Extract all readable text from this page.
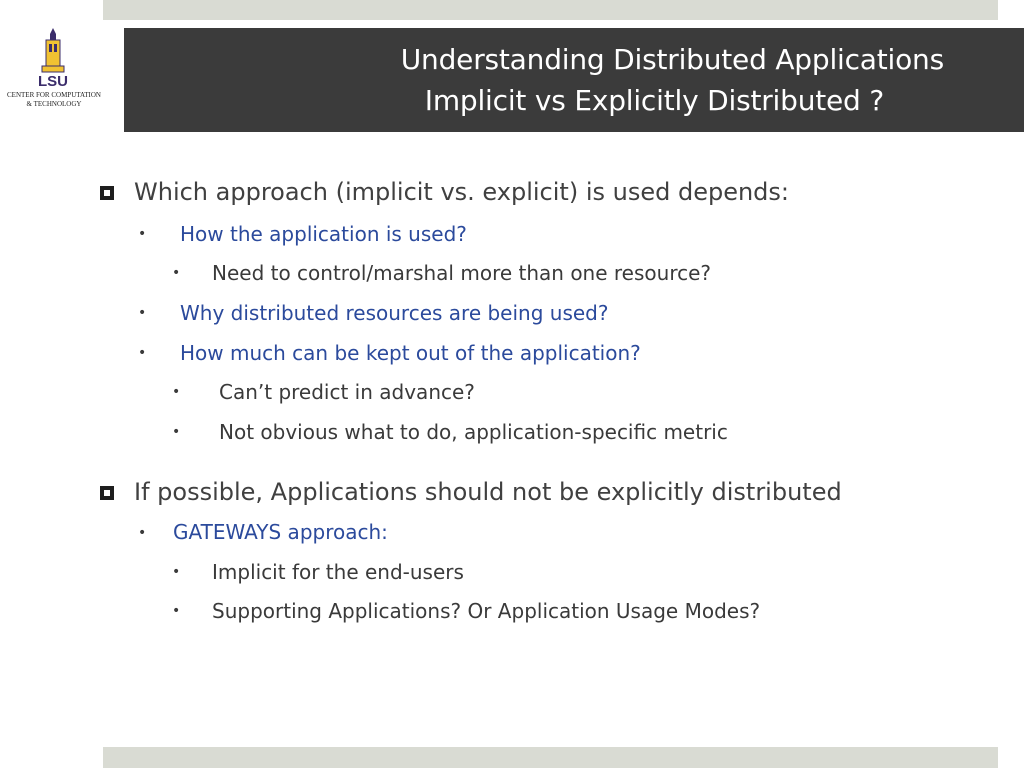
LSU
CENTER FOR COMPUTATION
& TECHNOLOGY
Understanding Distributed Applications
Implicit vs Explicitly Distributed ?
Which approach (implicit vs. explicit) is used depends:
• How the application is used?
• Need to control/marshal more than one resource?
• Why distributed resources are being used?
• How much can be kept out of the application?
• Can’t predict in advance?
• Not obvious what to do, application-specific metric
If possible, Applications should not be explicitly distributed
• GATEWAYS approach:
• Implicit for the end-users
• Supporting Applications? Or Application Usage Modes?
